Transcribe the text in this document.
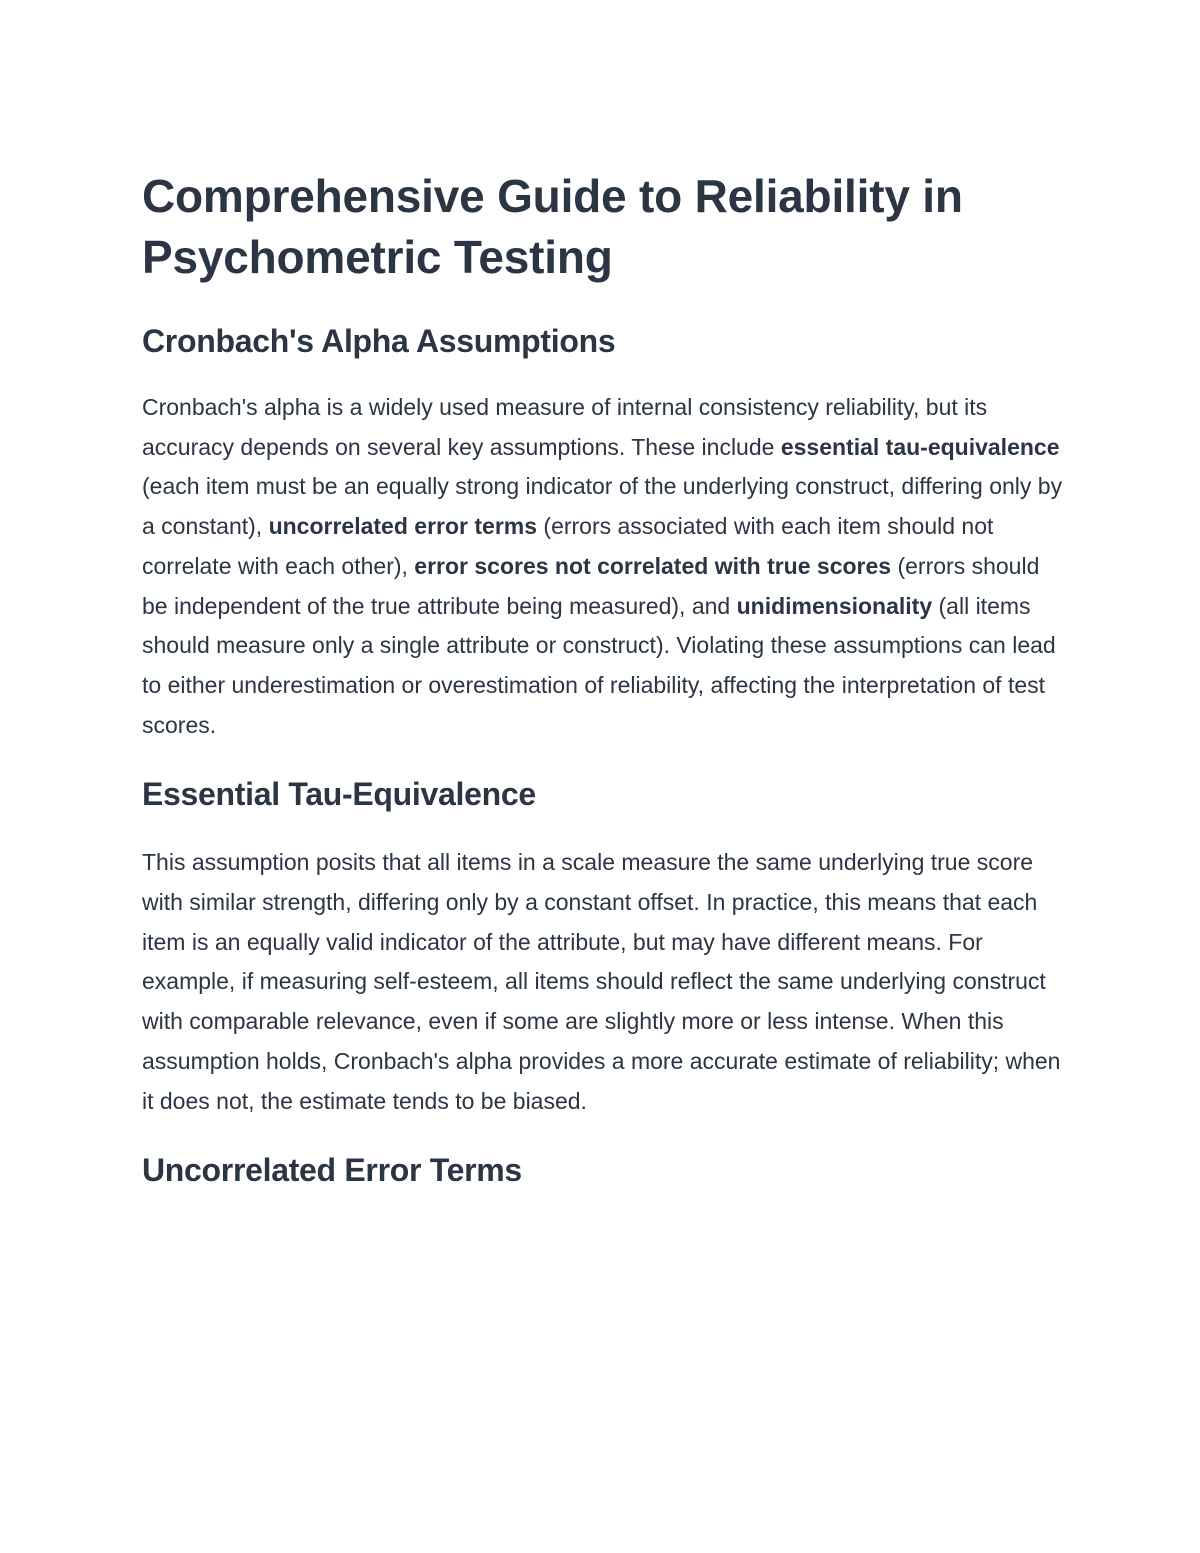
Comprehensive Guide to Reliability in Psychometric Testing
Cronbach's Alpha Assumptions

Cronbach's alpha is a widely used measure of internal consistency reliability, but its accuracy depends on several key assumptions. These include essential tau-equivalence (each item must be an equally strong indicator of the underlying construct, differing only by a constant), uncorrelated error terms (errors associated with each item should not correlate with each other), error scores not correlated with true scores (errors should be independent of the true attribute being measured), and unidimensionality (all items should measure only a single attribute or construct). Violating these assumptions can lead to either underestimation or overestimation of reliability, affecting the interpretation of test scores.

Essential Tau-Equivalence

This assumption posits that all items in a scale measure the same underlying true score with similar strength, differing only by a constant offset. In practice, this means that each item is an equally valid indicator of the attribute, but may have different means. For example, if measuring self-esteem, all items should reflect the same underlying construct with comparable relevance, even if some are slightly more or less intense. When this assumption holds, Cronbach's alpha provides a more accurate estimate of reliability; when it does not, the estimate tends to be biased.

Uncorrelated Error Terms
